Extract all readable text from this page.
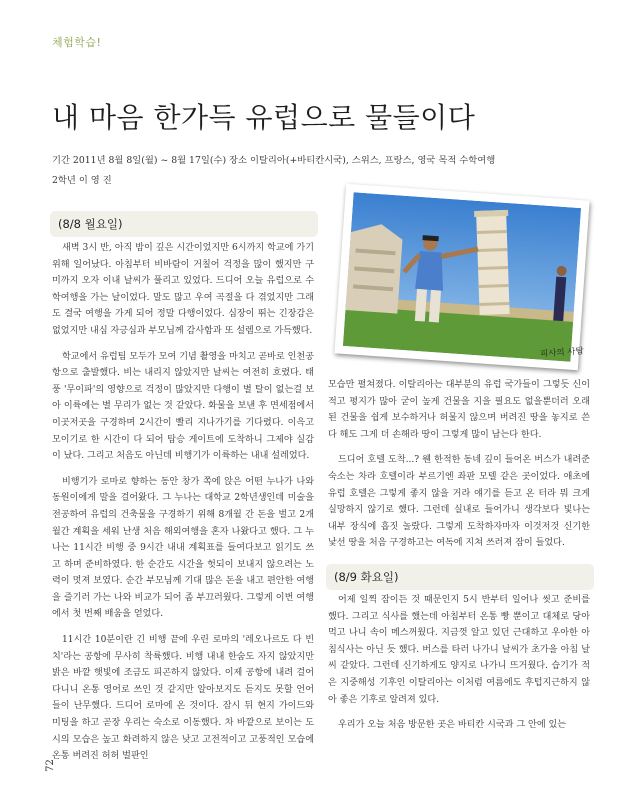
체험학습!
내 마음 한가득 유럽으로 물들이다
기간 2011년 8월 8일(월) ~ 8월 17일(수) 장소 이탈리아(+바티칸시국), 스위스, 프랑스, 영국 목적 수학여행
2학년 이 영 진
(8/8 월요일)

새벽 3시 반, 아직 밤이 깊은 시간이었지만 6시까지 학교에 가기 위해 일어났다. 아침부터 비바람이 거칠어 걱정을 많이 했지만 구미까지 오자 이내 날씨가 풀리고 있었다. 드디어 오늘 유럽으로 수학여행을 가는 날이었다. 말도 많고 우여 곡절을 다 겪었지만 그래도 결국 여행을 가게 되어 정말 다행이었다. 심장이 뛰는 긴장감은 없었지만 내심 자긍심과 부모님께 감사함과 또 설렘으로 가득했다.

학교에서 유럽팀 모두가 모여 기념 촬영을 마치고 곧바로 인천공항으로 출발했다. 비는 내리지 않았지만 날씨는 여전히 흐렸다. 태풍 '무이파'의 영향으로 걱정이 많았지만 다행이 별 탈이 없는걸 보아 이륙에는 별 무리가 없는 것 같았다. 화물을 보낸 후 면세점에서 이곳저곳을 구경하며 2시간이 빨리 지나가기를 기다렸다. 이윽고 모이기로 한 시간이 다 되어 탑승 게이트에 도착하니 그제야 실감이 났다. 그리고 처음도 아닌데 비행기가 이륙하는 내내 설레었다.

비행기가 로마로 향하는 동안 창가 쪽에 앉은 어떤 누나가 나와 동원이에게 말을 걸어왔다. 그 누나는 대학교 2학년생인데 미술을 전공하여 유럽의 건축물을 구경하기 위해 8개월 간 돈을 벌고 2개월간 계획을 세워 난생 처음 해외여행을 혼자 나왔다고 했다. 그 누나는 11시간 비행 중 9시간 내내 계획표를 들여다보고 읽기도 쓰고 하며 준비하였다. 한 순간도 시간을 헛되이 보내지 않으려는 노력이 멋져 보였다. 순간 부모님께 기대 많은 돈을 내고 편안한 여행을 즐기러 가는 나와 비교가 되어 좀 부끄러웠다. 그렇게 이번 여행에서 첫 번째 배움을 얻었다.

11시간 10분이란 긴 비행 끝에 우린 로마의 '레오나르도 다 빈치'라는 공항에 무사히 착륙했다. 비행 내내 한숨도 자지 않았지만 밝은 바깥 햇빛에 조금도 피곤하지 않았다. 이제 공항에 내려 걸어 다니니 온통 영어로 쓰인 것 같지만 알아보지도 듣지도 못할 언어들이 난무했다. 드디어 로마에 온 것이다. 잠시 뒤 현지 가이드와 미팅을 하고 곧장 우리는 숙소로 이동했다. 차 바깥으로 보이는 도시의 모습은 높고 화려하지 않은 낮고 고전적이고 고풍적인 모습에 온통 버려진 허허 벌판인

피사의 사탑

모습만 펼쳐졌다. 이탈리아는 대부분의 유럽 국가들이 그렇듯 신이 적고 평지가 많아 굳이 높게 건물을 지을 필요도 없을뿐더러 오래된 건물을 쉽게 보수하거나 허물지 않으며 버려진 땅을 놓지로 쓴다 해도 그게 더 손해라 땅이 그렇게 많이 남는다 한다.

드디어 호텔 도착...? 웬 한적한 동네 깊이 들어온 버스가 내려준 숙소는 차라 호텔이라 부르기엔 좌판 모텔 같은 곳이었다. 애초에 유럽 호텔은 그렇게 좋지 않을 거라 얘기를 듣고 온 터라 뭐 크게 실망하지 않기로 했다. 그런데 실내로 들어가니 생각보다 빛나는 내부 장식에 흡짓 놀랐다. 그렇게 도착하자마자 이것저것 신기한 낯선 땅을 처음 구경하고는 여독에 지쳐 쓰러져 잠이 들었다.

(8/9 화요일)

어제 일찍 잠이든 것 때문인지 5시 반부터 일어나 씻고 준비를 했다. 그리고 식사를 했는데 아침부터 온통 빵 뿐이고 대체로 당아 먹고 나니 속이 메스꺼웠다. 지금껏 알고 있던 근대하고 우아한 아침식사는 아닌 듯 했다. 버스를 타러 나가니 날씨가 초가을 아침 날씨 같았다. 그런데 신기하게도 양지로 나가니 뜨거웠다. 습기가 적은 지중해성 기후인 이탈리아는 이처럼 여름에도 후텁지근하지 않아 좋은 기후로 알려져 있다.

우리가 오늘 처음 방문한 곳은 바티칸 시국과 그 안에 있는

72
